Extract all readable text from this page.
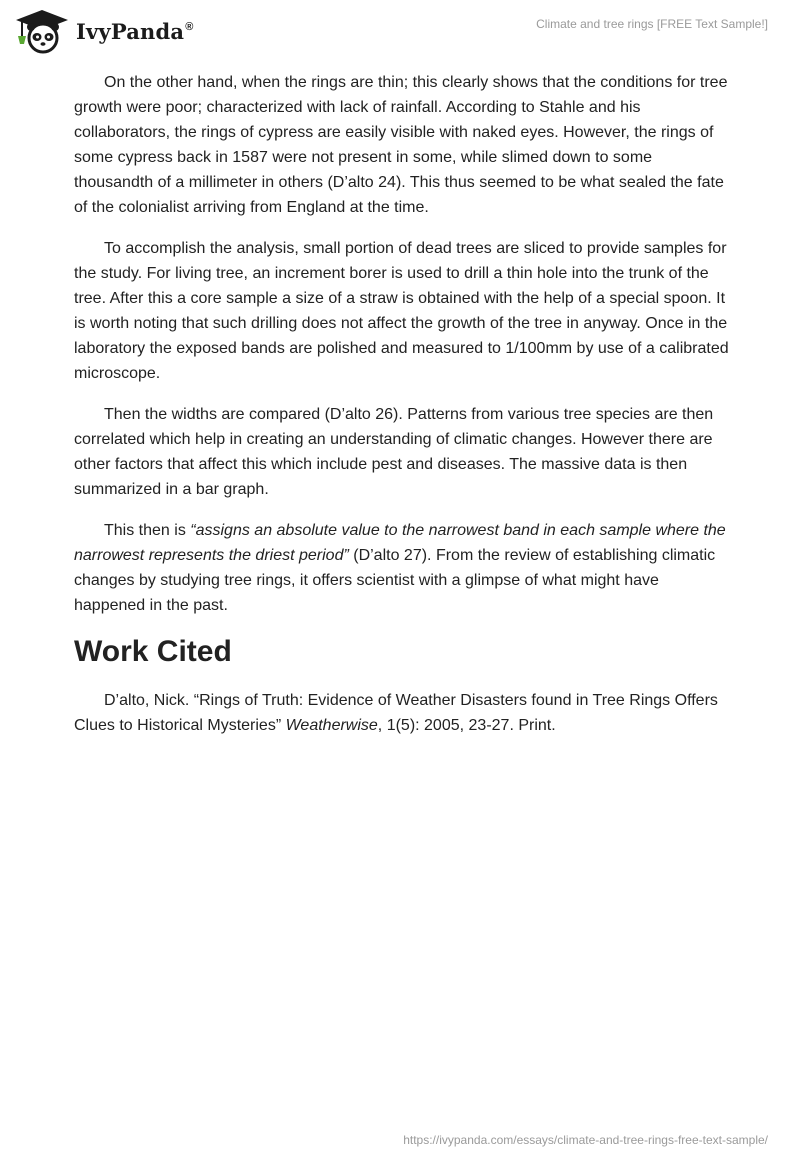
IvyPanda®	Climate and tree rings [FREE Text Sample!]

On the other hand, when the rings are thin; this clearly shows that the conditions for tree growth were poor; characterized with lack of rainfall. According to Stahle and his collaborators, the rings of cypress are easily visible with naked eyes. However, the rings of some cypress back in 1587 were not present in some, while slimed down to some thousandth of a millimeter in others (D’alto 24). This thus seemed to be what sealed the fate of the colonialist arriving from England at the time.

To accomplish the analysis, small portion of dead trees are sliced to provide samples for the study. For living tree, an increment borer is used to drill a thin hole into the trunk of the tree. After this a core sample a size of a straw is obtained with the help of a special spoon. It is worth noting that such drilling does not affect the growth of the tree in anyway. Once in the laboratory the exposed bands are polished and measured to 1/100mm by use of a calibrated microscope.

Then the widths are compared (D’alto 26). Patterns from various tree species are then correlated which help in creating an understanding of climatic changes. However there are other factors that affect this which include pest and diseases. The massive data is then summarized in a bar graph.

This then is “assigns an absolute value to the narrowest band in each sample where the narrowest represents the driest period” (D’alto 27). From the review of establishing climatic changes by studying tree rings, it offers scientist with a glimpse of what might have happened in the past.

Work Cited

D’alto, Nick. “Rings of Truth: Evidence of Weather Disasters found in Tree Rings Offers Clues to Historical Mysteries” Weatherwise, 1(5): 2005, 23-27. Print.

https://ivypanda.com/essays/climate-and-tree-rings-free-text-sample/
